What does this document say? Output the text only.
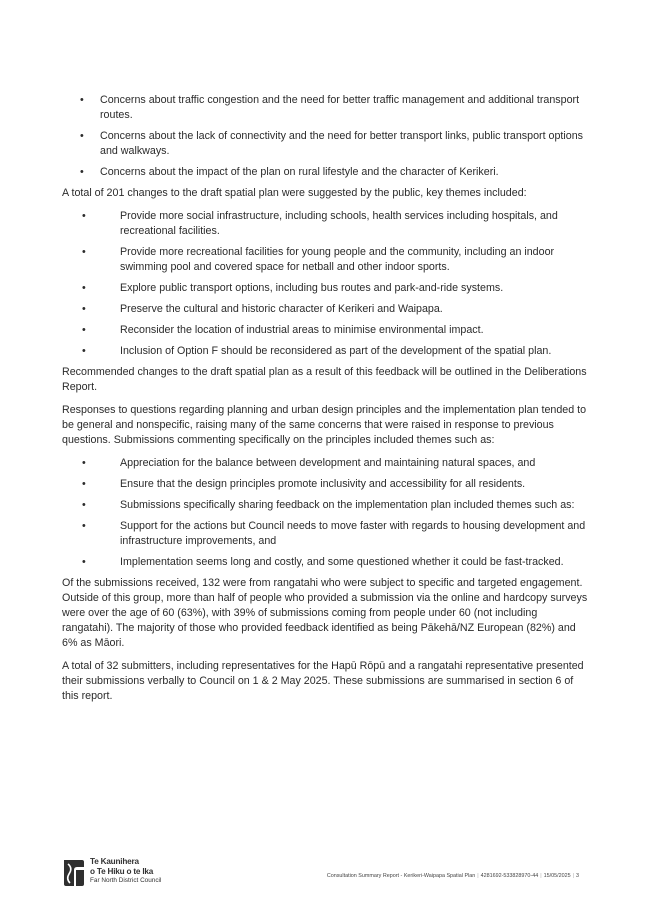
• Concerns about traffic congestion and the need for better traffic management and additional transport routes.
• Concerns about the lack of connectivity and the need for better transport links, public transport options and walkways.
• Concerns about the impact of the plan on rural lifestyle and the character of Kerikeri.

A total of 201 changes to the draft spatial plan were suggested by the public, key themes included:

•	Provide more social infrastructure, including schools, health services including hospitals, and recreational facilities.
•	Provide more recreational facilities for young people and the community, including an indoor swimming pool and covered space for netball and other indoor sports.
•	Explore public transport options, including bus routes and park-and-ride systems.
•	Preserve the cultural and historic character of Kerikeri and Waipapa.
•	Reconsider the location of industrial areas to minimise environmental impact.
•	Inclusion of Option F should be reconsidered as part of the development of the spatial plan.

Recommended changes to the draft spatial plan as a result of this feedback will be outlined in the Deliberations Report.

Responses to questions regarding planning and urban design principles and the implementation plan tended to be general and nonspecific, raising many of the same concerns that were raised in response to previous questions. Submissions commenting specifically on the principles included themes such as:

•	Appreciation for the balance between development and maintaining natural spaces, and
•	Ensure that the design principles promote inclusivity and accessibility for all residents.
•	Submissions specifically sharing feedback on the implementation plan included themes such as:
•	Support for the actions but Council needs to move faster with regards to housing development and infrastructure improvements, and
•	Implementation seems long and costly, and some questioned whether it could be fast-tracked.

Of the submissions received, 132 were from rangatahi who were subject to specific and targeted engagement. Outside of this group, more than half of people who provided a submission via the online and hardcopy surveys were over the age of 60 (63%), with 39% of submissions coming from people under 60 (not including rangatahi). The majority of those who provided feedback identified as being Pākehā/NZ European (82%) and 6% as Māori.

A total of 32 submitters, including representatives for the Hapū Rōpū and a rangatahi representative presented their submissions verbally to Council on 1 & 2 May 2025. These submissions are summarised in section 6 of this report.

Te Kaunihera
o Te Hiku o te Ika
Far North District Council
Consultation Summary Report - Kerikeri-Waipapa Spatial Plan | 4281692-533828970-44 | 15/05/2025 | 3
